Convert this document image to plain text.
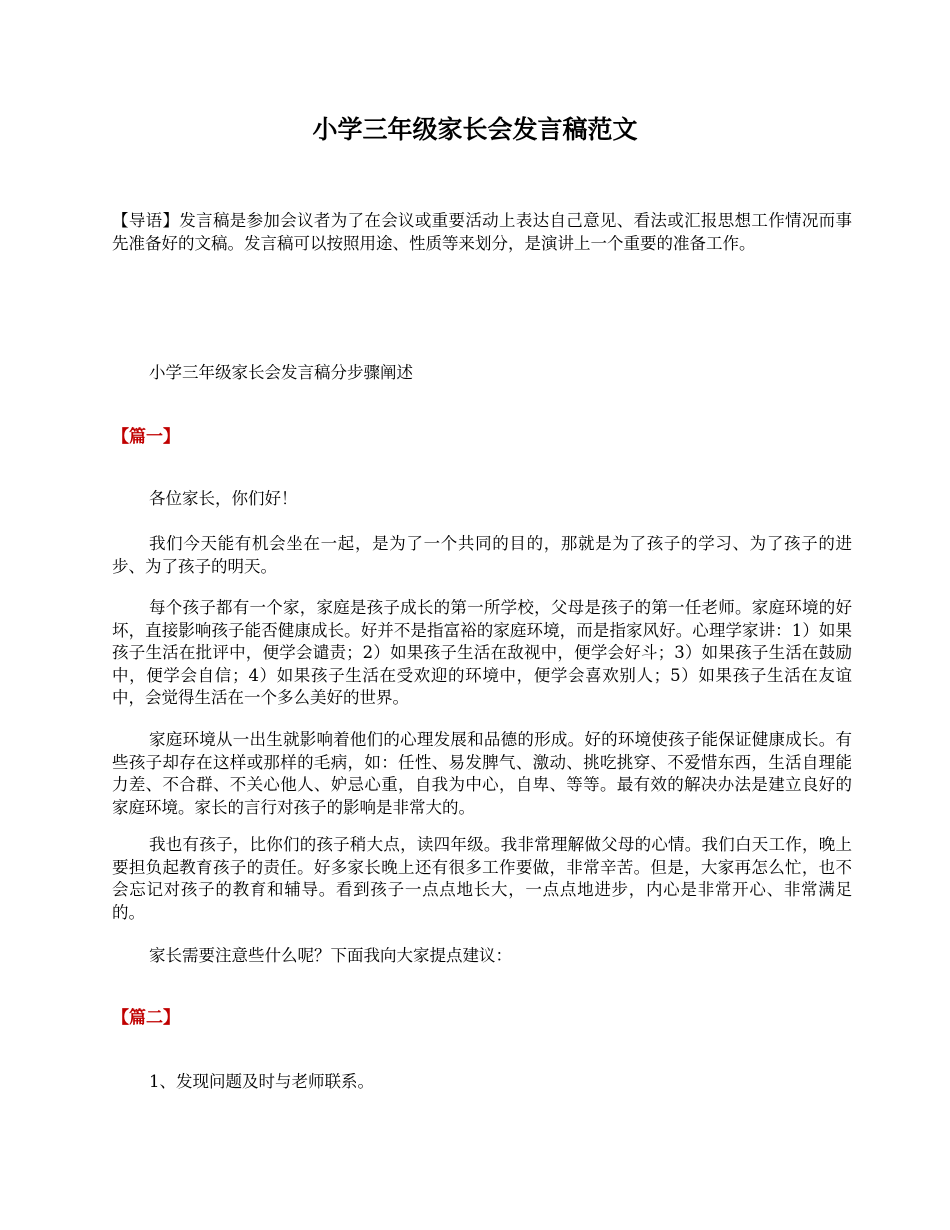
小学三年级家长会发言稿范文

【导语】发言稿是参加会议者为了在会议或重要活动上表达自己意见、看法或汇报思想工作情况而事先准备好的文稿。发言稿可以按照用途、性质等来划分，是演讲上一个重要的准备工作。

小学三年级家长会发言稿分步骤阐述

【篇一】

各位家长，你们好！

我们今天能有机会坐在一起，是为了一个共同的目的，那就是为了孩子的学习、为了孩子的进步、为了孩子的明天。

每个孩子都有一个家，家庭是孩子成长的第一所学校，父母是孩子的第一任老师。家庭环境的好坏，直接影响孩子能否健康成长。好并不是指富裕的家庭环境，而是指家风好。心理学家讲：1）如果孩子生活在批评中，便学会谴责；2）如果孩子生活在敌视中，便学会好斗；3）如果孩子生活在鼓励中，便学会自信；4）如果孩子生活在受欢迎的环境中，便学会喜欢别人；5）如果孩子生活在友谊中，会觉得生活在一个多么美好的世界。

家庭环境从一出生就影响着他们的心理发展和品德的形成。好的环境使孩子能保证健康成长。有些孩子却存在这样或那样的毛病，如：任性、易发脾气、激动、挑吃挑穿、不爱惜东西，生活自理能力差、不合群、不关心他人、妒忌心重，自我为中心，自卑、等等。最有效的解决办法是建立良好的家庭环境。家长的言行对孩子的影响是非常大的。

我也有孩子，比你们的孩子稍大点，读四年级。我非常理解做父母的心情。我们白天工作，晚上要担负起教育孩子的责任。好多家长晚上还有很多工作要做，非常辛苦。但是，大家再怎么忙，也不会忘记对孩子的教育和辅导。看到孩子一点点地长大，一点点地进步，内心是非常开心、非常满足的。

家长需要注意些什么呢？下面我向大家提点建议：

【篇二】

1、发现问题及时与老师联系。
